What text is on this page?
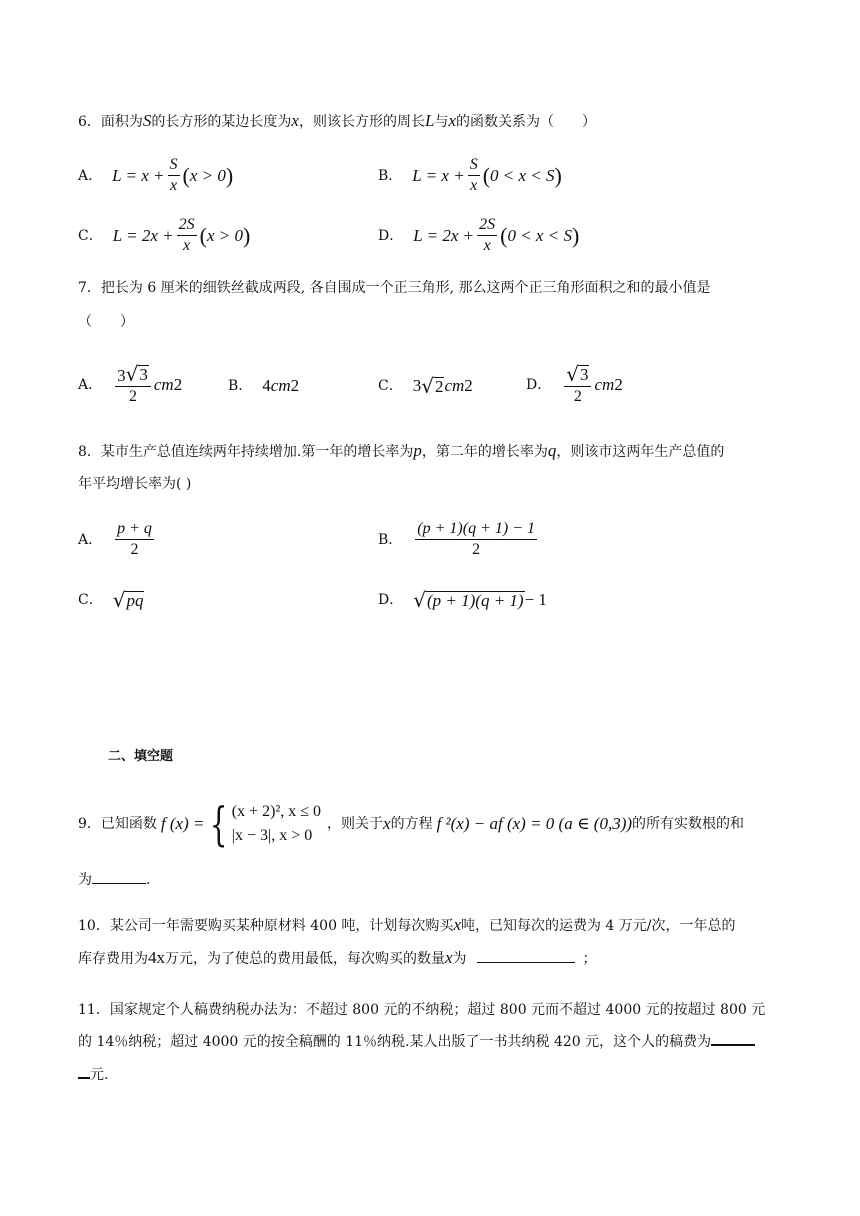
6．面积为S的长方形的某边长度为x，则该长方形的周长L与x的函数关系为（　　）
A． $L = x + \frac{S}{x}$ ( x > 0 )	B． $L = x + \frac{S}{x}$ ( 0 < x < S )
C． $L = 2x + \frac{2S}{x}$ ( x > 0 )	D． $L = 2x + \frac{2S}{x}$ ( 0 < x < S )
7．把长为 6 厘米的细铁丝截成两段, 各自围成一个正三角形, 那么这两个正三角形面积之和的最小值是
（　　）
A． $\frac{3 √ 3}{2}$ cm 2	B． 4 cm 2	C． 3 √ 2 cm 2	D． $\frac{√ 3}{2}$ cm 2
8．某市生产总值连续两年持续增加.第一年的增长率为p，第二年的增长率为q，则该市这两年生产总值的
年平均增长率为( )
A． $\frac{p + q}{2}$	B． $\frac{(p + 1)(q + 1) - 1}{2}$
C． √ pq	D． √ (p + 1)(q + 1) − 1
二、填空题
9．已知函数 f (x) = { (x + 2)², x ≤ 0
|x − 3|, x > 0
，则关于 x 的方程 f ²(x) − af (x) = 0 (a ∈ (0,3)) 的所有实数根的和
为	.
10．某公司一年需要购买某种原材料 400 吨，计划每次购买x吨，已知每次的运费为 4 万元/次，一年总的
库存费用为4x万元，为了使总的费用最低，每次购买的数量x为	；
11．国家规定个人稿费纳税办法为：不超过 800 元的不纳税；超过 800 元而不超过 4000 元的按超过 800 元
的 14％纳税；超过 4000 元的按全稿酬的 11％纳税.某人出版了一书共纳税 420 元，这个人的稿费为
元.
